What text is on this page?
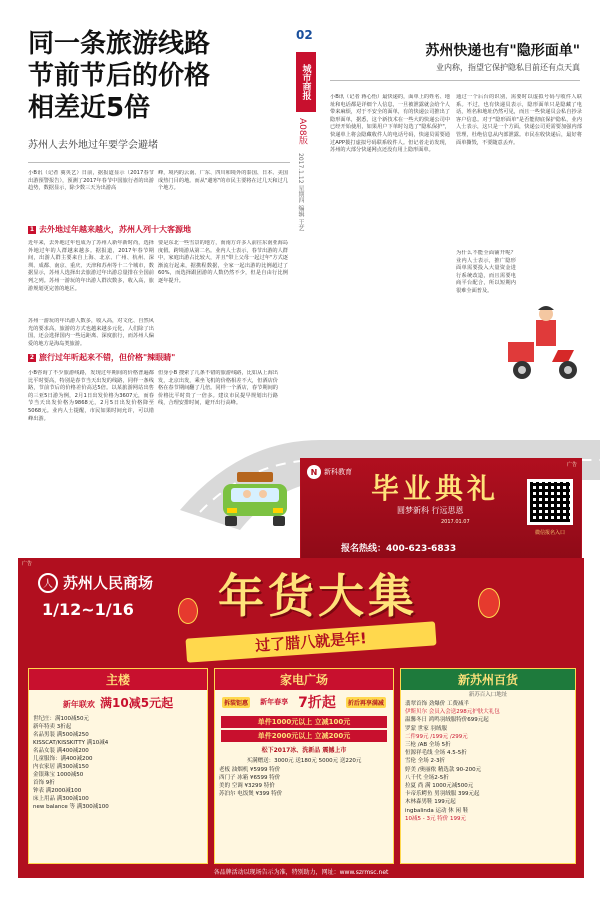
同一条旅游线路
节前节后的价格
相差近5倍
苏州人去外地过年要学会避堵
小B讯（记者 冀英艺）日前，据报道显示（2017春节出游预警报告），预测了2017年春节中国旅行者的出游趋势，数据显示，除少数三天为出游高
峰，境内的云南、广东、四川和境外的泰国、日本、美国成热门目的地。而从"避寒"的市民主要将在过几天和过几个地方。
1 去外地过年越来越火，苏州人列十大客源地
近年来，去外地过年也成为了苏州人新年新时尚，选择外地过年的人群越来越多。据报道，2017年春节期间，出游人群主要来自上海、北京、广州、杭州、深圳、成都、南京、重庆、天津和苏州等十二个城市，数据显示，苏州人选择出去旅游过年出游总量排在全国前列之列。苏州一游玩的年出游人群次数多，收入高，旅游规划更完善的地区。
要是东北一些雪景的地方，而南方许多人前往东南亚海岛度假。跨境游从第二名。业内人士表示，春节出游的人群中，家庭出游占比较大，并且"带上父母一起过年"方式逐渐流行起来，据携程数据，全家一起出游的比例超过了60%，而选择跟团游的人数仍然不少，但是自由行比例逐年提升。
苏州一游玩的年出游人数多，收入高，对文化、自然风光的要求高，旅游的方式也越来越多元化，人们除了出国，还会选择国内一些远距离、深度旅行，而苏州人偏爱的地方是海岛类旅游。
2 旅行过年听起来不错，但价格"辣眼睛"
小B咨询了不少旅游线路，发现过年期间的价格普遍都比平时要高，特别是春节当天出发的线路，同样一条线路，节前节后的价格差价高达5倍。以某旅游网站出售的三亚5日游为例，2月1日出发价格为3607元，而春节当天出发价格为9868元，2月5日出发价格降至5068元。业内人士提醒，市民如果时间允许，可以错峰出游。
但身小B 搜索了几条不错的旅游线路，比如从上海出发，北京出发，乘坐飞机的价格相差不大，但酒店价格在春节期间翻了几倍。同样一个酒店，春节期间的价格比平时贵了一倍多。建议市民提早规划出行路线，合理安排时间，避开出行高峰。
02
城市商报
A08版
2017.1.12 星期四 编辑 王艺
苏州快递也有"隐形面单"
业内称，指望它保护隐私目前还有点天真
小B讯（记者 蒋心怡）最快递的，面单上的姓名、地址和电话都是详细个人信息，一旦被泄露就会给个人带来麻烦，对于不安全的面单，有的快递公司推出了隐形面单，据悉，这个新技术在一些大的快递公司中已经开始使用，如果用户下单时勾选了"隐私保护"，快递单上将会隐藏收件人的电话号码，快递员需要通过APP拨打虚拟号码联系收件人。但记者走访发现，苏州的大部分快递网点还没有用上隐形面单。
通过一个后台的识别，需要时以虚拟号码与收件人联系。不过，也有快递员表示，隐形面单只是隐藏了电话，姓名和地址仍然可见，而且一些快递员会私自抄录客户信息。对于"隐形面单"是否能彻底保护隐私，业内人士表示，这只是一个方面，快递公司更需要加强内部管理，杜绝信息从内部泄露。市民在收快递后，最好将面单撕毁，不要随意丢弃。
为什么不能全面铺开呢？业内人士表示，推广隐形面单需要投入大量资金进行系统改造，而且需要电商平台配合，所以短期内很难全面普及。
广告
N 新科教育 毕业典礼
圆梦新科 行远思恩
2017.01.07
报名热线：400-623-6833
微信报名入口
广告
人 苏州人民商场
1/12~1/16 年货大集
过了腊八就是年!
主楼
新年联欢 满10减5元起
世纪庄：满100减50元
新年特卖 3折起
名品男装 满500减250
KISSCAT/KISSKITTY 满10减4
名品女装 满400减200
儿童服饰：满400减200
内衣家居 满300减150
金银珠宝 1000减50
首饰 9折
钟表 满2000减100
床上用品 满300减100
new balance 等 满300减100
家电广场
拆装钜惠 新年春享 7折起	折后再享满减
单件1000元以上 立减100元
单件2000元以上 立减200元
松下2017冰、洗新品 震撼上市
买满赠送：3000元 送180元 5000元 送220元
老板 油烟机 ¥5999 特价
西门子 冰箱 ¥6599 特价
美的 空调 ¥3299 特价
苏泊尔 电饭煲 ¥399 特价
新苏州百货
新苏百入口地址
翡翠首饰 劲爆价 工费减半
伊斯贝尔 会员入会送298元护肤大礼包
温馨冬日 鸿鸣羽绒服特价699元起
罗蒙 世家 羽绒服
二件99元 /199元 /299元
三枪 /AB 全场 5折
恒源祥毛线 全场 4.5-5折
雪伦 全场 2-3折
婷美 /奥丽侬 精选款 90-200元
八千代 全场2-5折
拉夏 尚 满 1000元减500元
卡帝乐鳄鱼 男羽绒服 399元起
木林森男鞋 199元起
ingbalinda 运动 休 闲 鞋
10减5 - 3元 特价 199元
各品牌活动以现场告示为准，特别助力，网址：www.szrmsc.net
